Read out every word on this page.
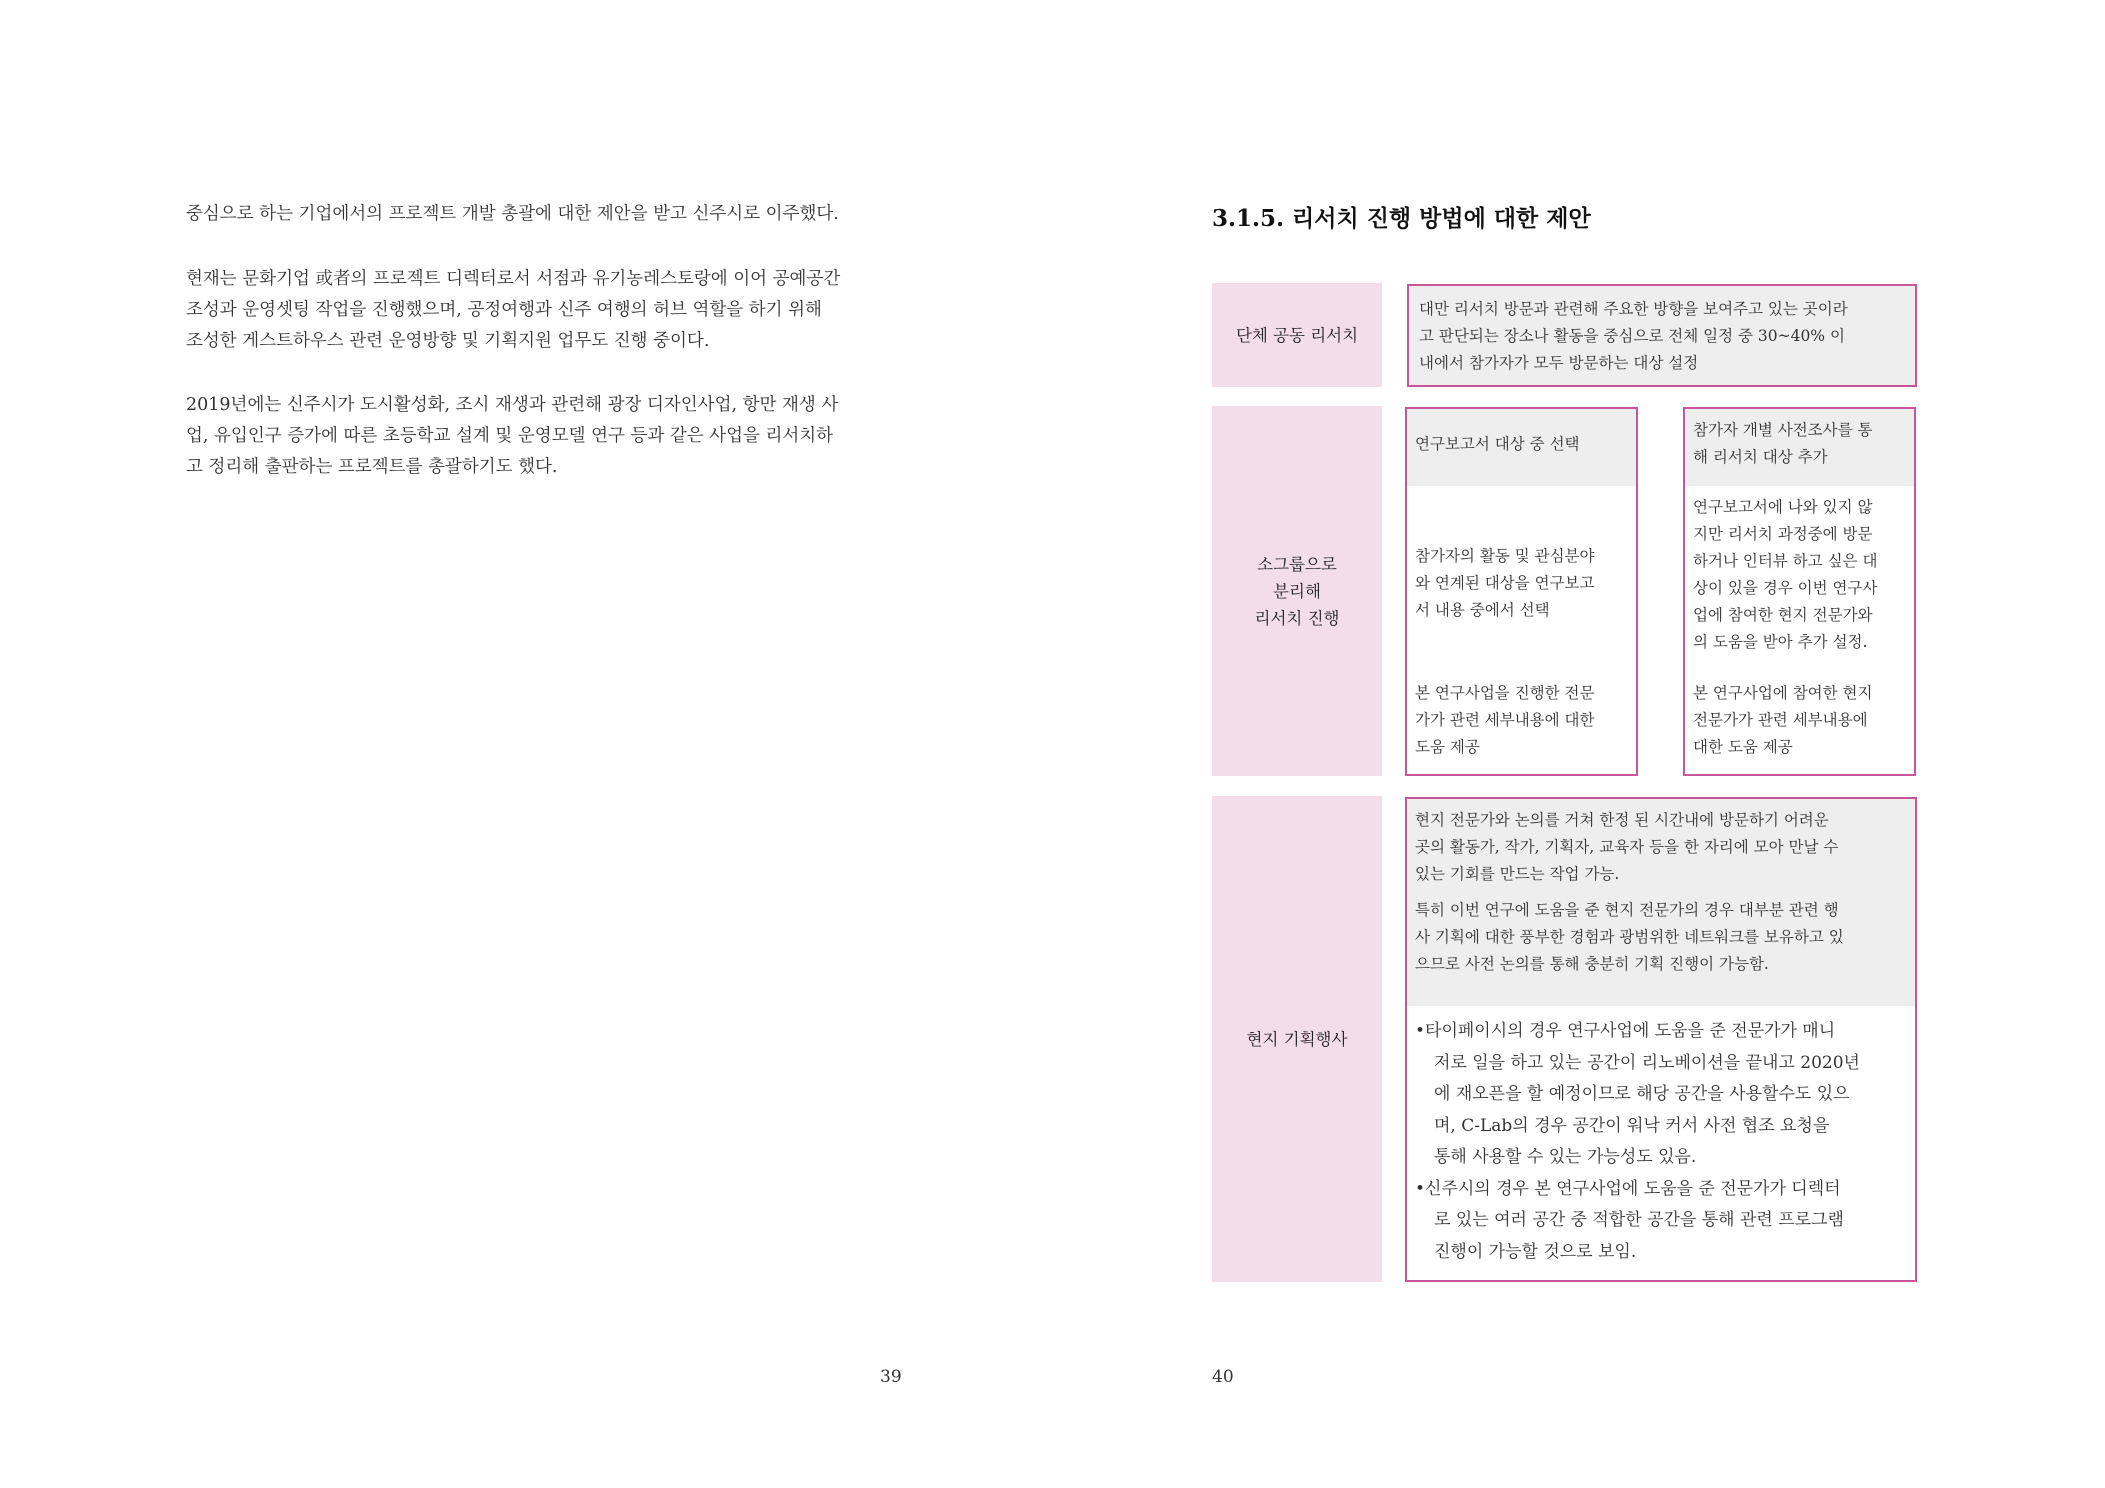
중심으로 하는 기업에서의 프로젝트 개발 총괄에 대한 제안을 받고 신주시로 이주했다.
현재는 문화기업 或者의 프로젝트 디렉터로서 서점과 유기농레스토랑에 이어 공예공간
조성과 운영셋팅 작업을 진행했으며, 공정여행과 신주 여행의 허브 역할을 하기 위해
조성한 게스트하우스 관련 운영방향 및 기획지원 업무도 진행 중이다.
2019년에는 신주시가 도시활성화, 조시 재생과 관련해 광장 디자인사업, 항만 재생 사
업, 유입인구 증가에 따른 초등학교 설계 및 운영모델 연구 등과 같은 사업을 리서치하
고 정리해 출판하는 프로젝트를 총괄하기도 했다.
39
3.1.5. 리서치 진행 방법에 대한 제안
단체 공동 리서치
대만 리서치 방문과 관련해 주요한 방향을 보여주고 있는 곳이라
고 판단되는 장소나 활동을 중심으로 전체 일정 중 30~40% 이
내에서 참가자가 모두 방문하는 대상 설정
소그룹으로
분리해
리서치 진행
연구보고서 대상 중 선택
참가자의 활동 및 관심분야
와 연계된 대상을 연구보고
서 내용 중에서 선택
본 연구사업을 진행한 전문
가가 관련 세부내용에 대한
도움 제공
참가자 개별 사전조사를 통
해 리서치 대상 추가
연구보고서에 나와 있지 않
지만 리서치 과정중에 방문
하거나 인터뷰 하고 싶은 대
상이 있을 경우 이번 연구사
업에 참여한 현지 전문가와
의 도움을 받아 추가 설정.
본 연구사업에 참여한 현지
전문가가 관련 세부내용에
대한 도움 제공
현지 기획행사
현지 전문가와 논의를 거쳐 한정 된 시간내에 방문하기 어려운
곳의 활동가, 작가, 기획자, 교육자 등을 한 자리에 모아 만날 수
있는 기회를 만드는 작업 가능.
특히 이번 연구에 도움을 준 현지 전문가의 경우 대부분 관련 행
사 기획에 대한 풍부한 경험과 광범위한 네트워크를 보유하고 있
으므로 사전 논의를 통해 충분히 기획 진행이 가능함.
•타이페이시의 경우 연구사업에 도움을 준 전문가가 매니
저로 일을 하고 있는 공간이 리노베이션을 끝내고 2020년
에 재오픈을 할 예정이므로 해당 공간을 사용할수도 있으
며, C-Lab의 경우 공간이 워낙 커서 사전 협조 요청을
통해 사용할 수 있는 가능성도 있음.
•신주시의 경우 본 연구사업에 도움을 준 전문가가 디렉터
로 있는 여러 공간 중 적합한 공간을 통해 관련 프로그램
진행이 가능할 것으로 보임.
40
